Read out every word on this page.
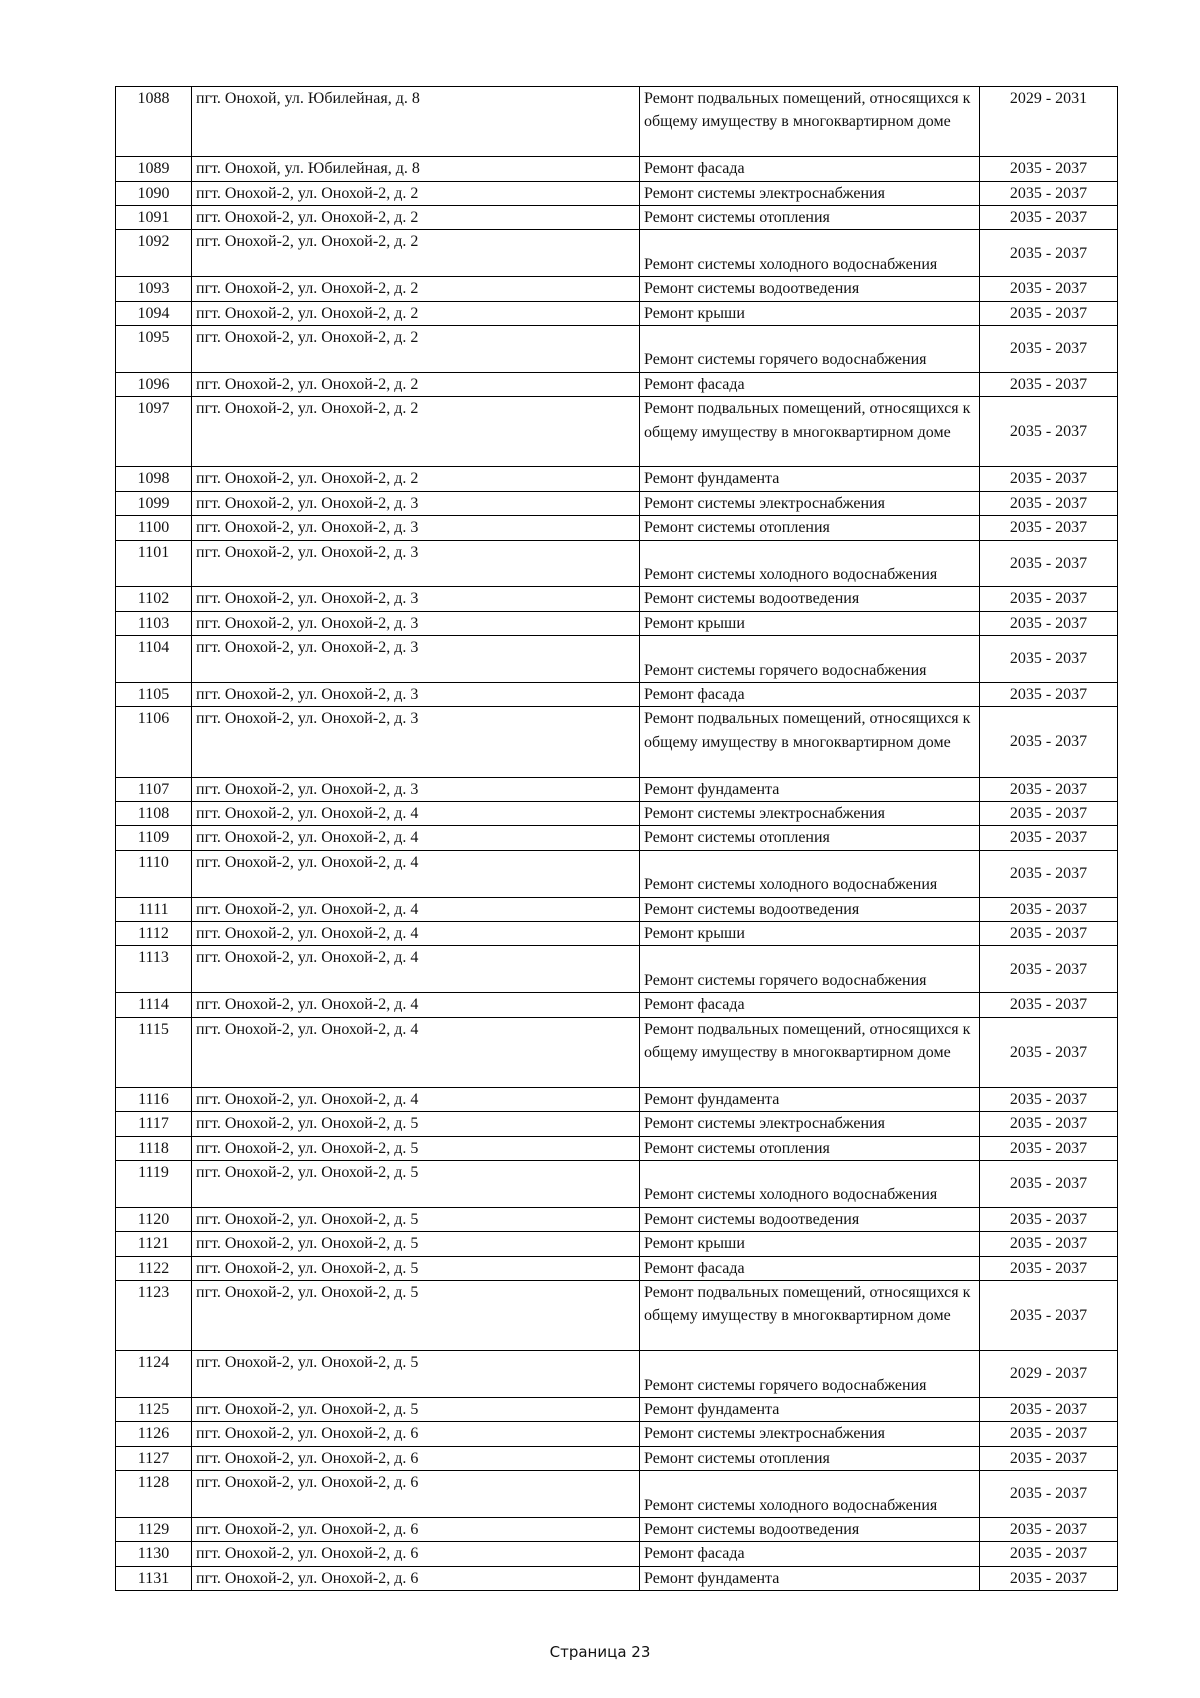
1088	пгт. Онохой, ул. Юбилейная, д. 8	Ремонт подвальных помещений, относящихся к общему имуществу в многоквартирном доме	2029 - 2031
1089	пгт. Онохой, ул. Юбилейная, д. 8	Ремонт фасада	2035 - 2037
1090	пгт. Онохой-2, ул. Онохой-2, д. 2	Ремонт системы электроснабжения	2035 - 2037
1091	пгт. Онохой-2, ул. Онохой-2, д. 2	Ремонт системы отопления	2035 - 2037
1092	пгт. Онохой-2, ул. Онохой-2, д. 2	Ремонт системы холодного водоснабжения	2035 - 2037
1093	пгт. Онохой-2, ул. Онохой-2, д. 2	Ремонт системы водоотведения	2035 - 2037
1094	пгт. Онохой-2, ул. Онохой-2, д. 2	Ремонт крыши	2035 - 2037
1095	пгт. Онохой-2, ул. Онохой-2, д. 2	Ремонт системы горячего водоснабжения	2035 - 2037
1096	пгт. Онохой-2, ул. Онохой-2, д. 2	Ремонт фасада	2035 - 2037
1097	пгт. Онохой-2, ул. Онохой-2, д. 2	Ремонт подвальных помещений, относящихся к общему имуществу в многоквартирном доме	2035 - 2037
1098	пгт. Онохой-2, ул. Онохой-2, д. 2	Ремонт фундамента	2035 - 2037
1099	пгт. Онохой-2, ул. Онохой-2, д. 3	Ремонт системы электроснабжения	2035 - 2037
1100	пгт. Онохой-2, ул. Онохой-2, д. 3	Ремонт системы отопления	2035 - 2037
1101	пгт. Онохой-2, ул. Онохой-2, д. 3	Ремонт системы холодного водоснабжения	2035 - 2037
1102	пгт. Онохой-2, ул. Онохой-2, д. 3	Ремонт системы водоотведения	2035 - 2037
1103	пгт. Онохой-2, ул. Онохой-2, д. 3	Ремонт крыши	2035 - 2037
1104	пгт. Онохой-2, ул. Онохой-2, д. 3	Ремонт системы горячего водоснабжения	2035 - 2037
1105	пгт. Онохой-2, ул. Онохой-2, д. 3	Ремонт фасада	2035 - 2037
1106	пгт. Онохой-2, ул. Онохой-2, д. 3	Ремонт подвальных помещений, относящихся к общему имуществу в многоквартирном доме	2035 - 2037
1107	пгт. Онохой-2, ул. Онохой-2, д. 3	Ремонт фундамента	2035 - 2037
1108	пгт. Онохой-2, ул. Онохой-2, д. 4	Ремонт системы электроснабжения	2035 - 2037
1109	пгт. Онохой-2, ул. Онохой-2, д. 4	Ремонт системы отопления	2035 - 2037
1110	пгт. Онохой-2, ул. Онохой-2, д. 4	Ремонт системы холодного водоснабжения	2035 - 2037
1111	пгт. Онохой-2, ул. Онохой-2, д. 4	Ремонт системы водоотведения	2035 - 2037
1112	пгт. Онохой-2, ул. Онохой-2, д. 4	Ремонт крыши	2035 - 2037
1113	пгт. Онохой-2, ул. Онохой-2, д. 4	Ремонт системы горячего водоснабжения	2035 - 2037
1114	пгт. Онохой-2, ул. Онохой-2, д. 4	Ремонт фасада	2035 - 2037
1115	пгт. Онохой-2, ул. Онохой-2, д. 4	Ремонт подвальных помещений, относящихся к общему имуществу в многоквартирном доме	2035 - 2037
1116	пгт. Онохой-2, ул. Онохой-2, д. 4	Ремонт фундамента	2035 - 2037
1117	пгт. Онохой-2, ул. Онохой-2, д. 5	Ремонт системы электроснабжения	2035 - 2037
1118	пгт. Онохой-2, ул. Онохой-2, д. 5	Ремонт системы отопления	2035 - 2037
1119	пгт. Онохой-2, ул. Онохой-2, д. 5	Ремонт системы холодного водоснабжения	2035 - 2037
1120	пгт. Онохой-2, ул. Онохой-2, д. 5	Ремонт системы водоотведения	2035 - 2037
1121	пгт. Онохой-2, ул. Онохой-2, д. 5	Ремонт крыши	2035 - 2037
1122	пгт. Онохой-2, ул. Онохой-2, д. 5	Ремонт фасада	2035 - 2037
1123	пгт. Онохой-2, ул. Онохой-2, д. 5	Ремонт подвальных помещений, относящихся к общему имуществу в многоквартирном доме	2035 - 2037
1124	пгт. Онохой-2, ул. Онохой-2, д. 5	Ремонт системы горячего водоснабжения	2029 - 2037
1125	пгт. Онохой-2, ул. Онохой-2, д. 5	Ремонт фундамента	2035 - 2037
1126	пгт. Онохой-2, ул. Онохой-2, д. 6	Ремонт системы электроснабжения	2035 - 2037
1127	пгт. Онохой-2, ул. Онохой-2, д. 6	Ремонт системы отопления	2035 - 2037
1128	пгт. Онохой-2, ул. Онохой-2, д. 6	Ремонт системы холодного водоснабжения	2035 - 2037
1129	пгт. Онохой-2, ул. Онохой-2, д. 6	Ремонт системы водоотведения	2035 - 2037
1130	пгт. Онохой-2, ул. Онохой-2, д. 6	Ремонт фасада	2035 - 2037
1131	пгт. Онохой-2, ул. Онохой-2, д. 6	Ремонт фундамента	2035 - 2037
Страница 23
